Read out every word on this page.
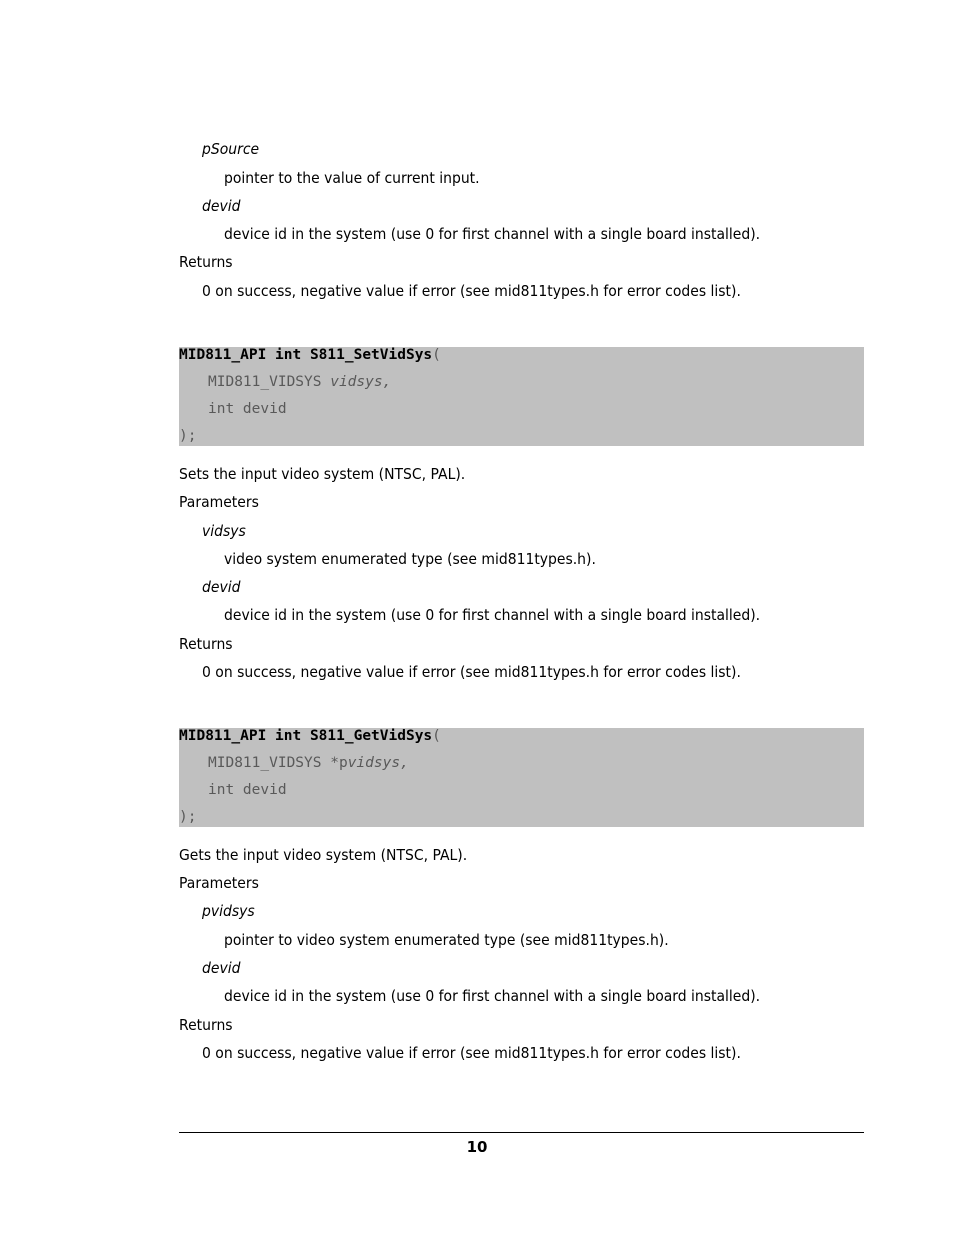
pSource
pointer to the value of current input.
devid
device id in the system (use 0 for first channel with a single board installed).
Returns
0 on success, negative value if error (see mid811types.h for error codes list).
MID811_API int S811_SetVidSys(
MID811_VIDSYS vidsys,
int devid
);
Sets the input video system (NTSC, PAL).
Parameters
vidsys
video system enumerated type (see mid811types.h).
devid
device id in the system (use 0 for first channel with a single board installed).
Returns
0 on success, negative value if error (see mid811types.h for error codes list).
MID811_API int S811_GetVidSys(
MID811_VIDSYS *pvidsys,
int devid
);
Gets the input video system (NTSC, PAL).
Parameters
pvidsys
pointer to video system enumerated type (see mid811types.h).
devid
device id in the system (use 0 for first channel with a single board installed).
Returns
0 on success, negative value if error (see mid811types.h for error codes list).
10
